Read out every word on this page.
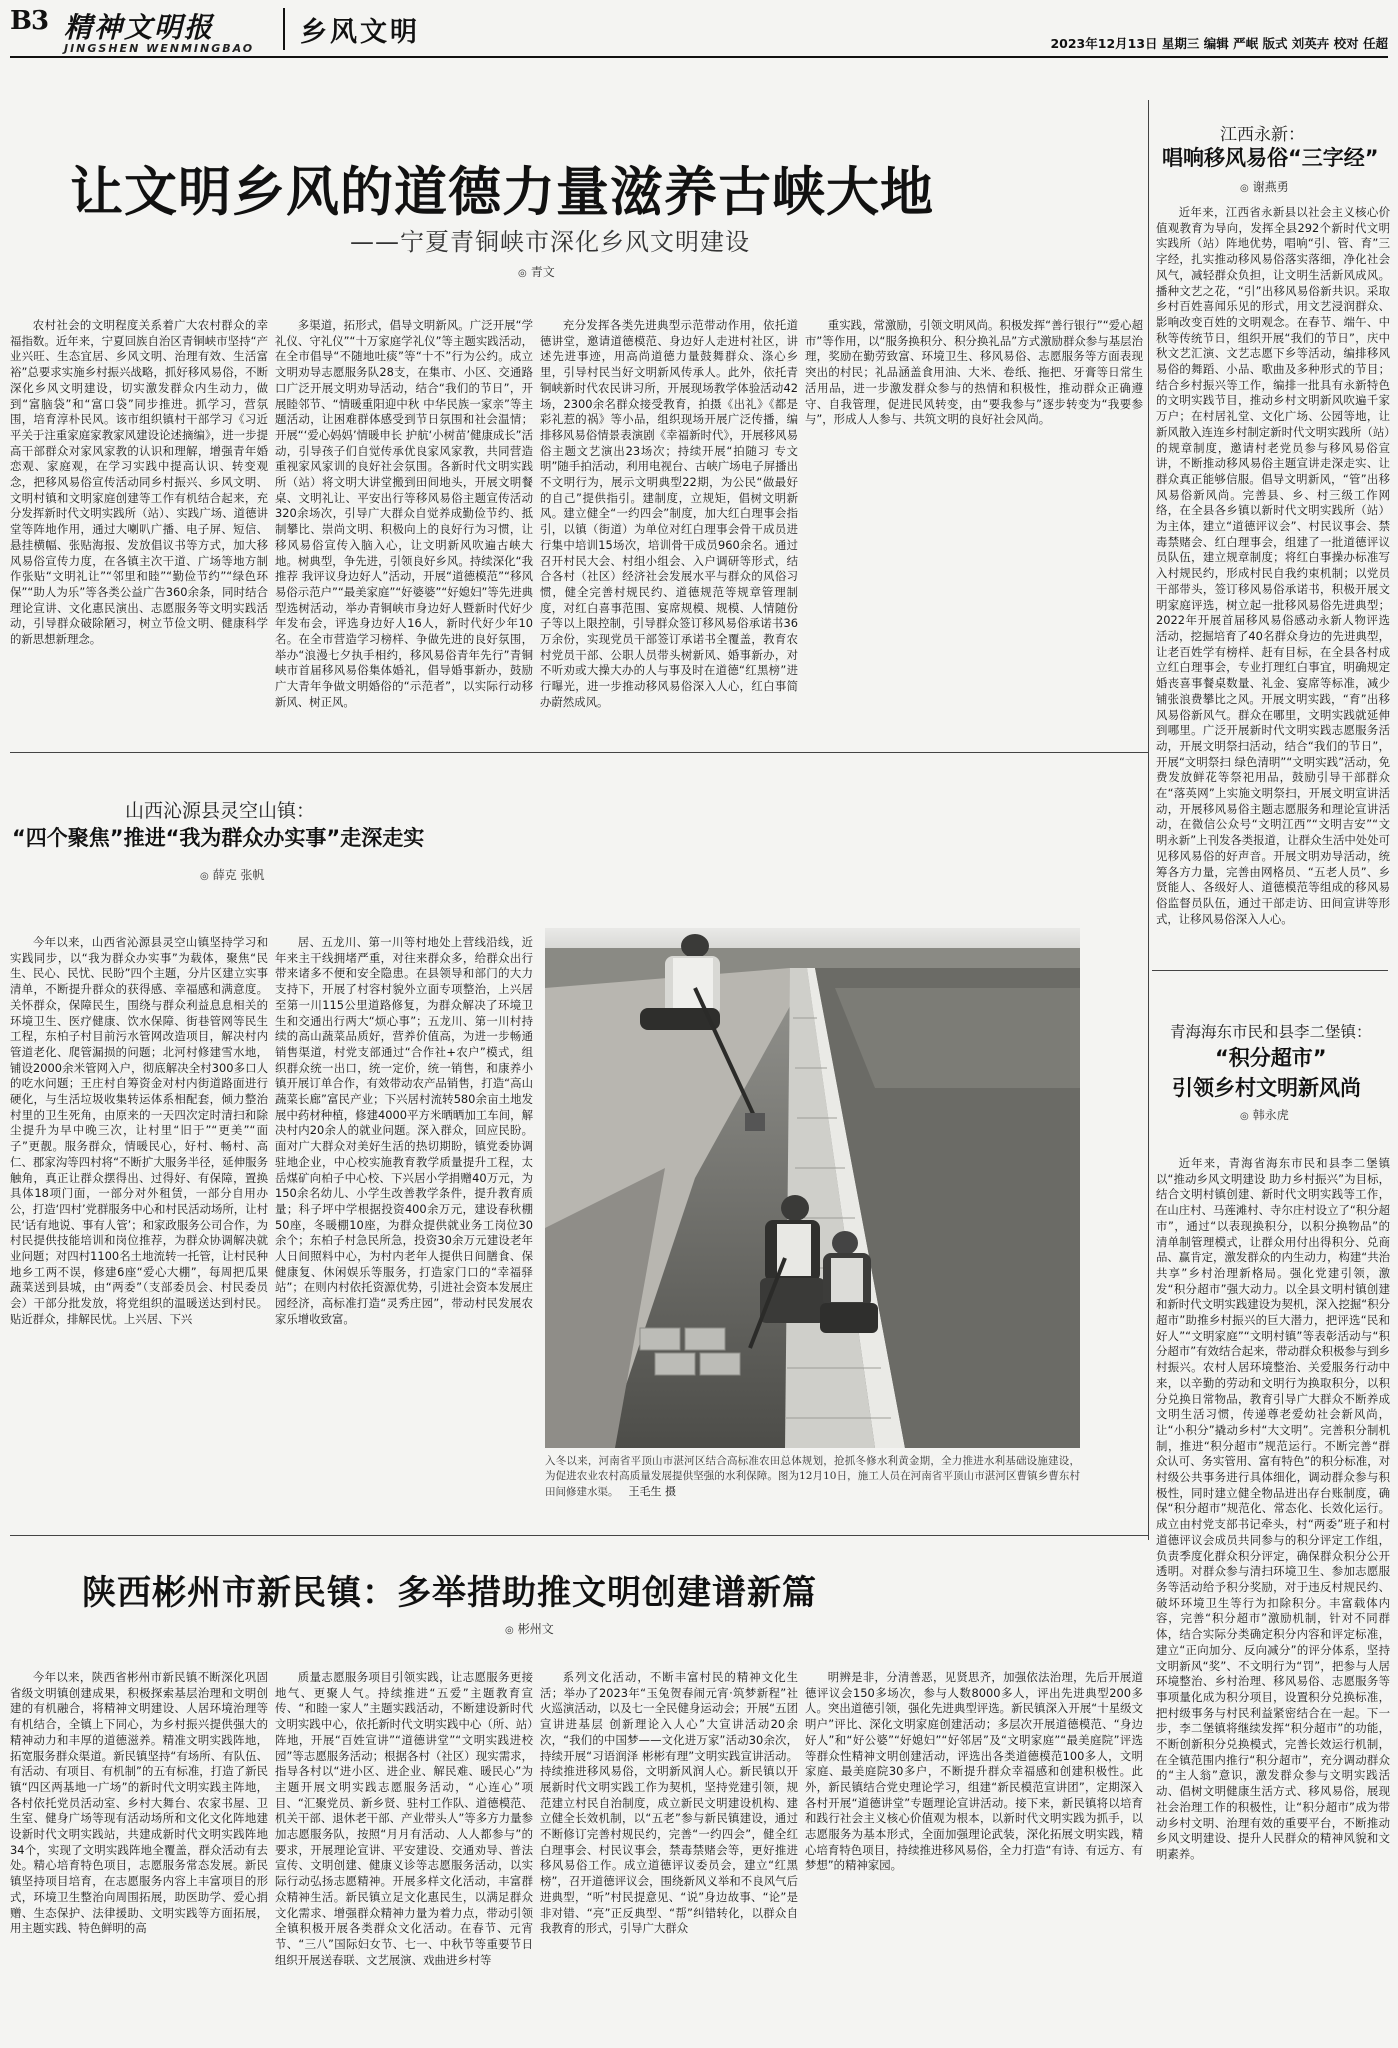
B3 精神文明报
JINGSHEN WENMINGBAO
乡风文明	2023年12月13日 星期三 编辑 严岷 版式 刘英卉 校对 任超
让文明乡风的道德力量滋养古峡大地
——宁夏青铜峡市深化乡风文明建设
◎ 青文

农村社会的文明程度关系着广大农村群众的幸福指数。近年来，宁夏回族自治区青铜峡市坚持“产业兴旺、生态宜居、乡风文明、治理有效、生活富裕”总要求实施乡村振兴战略，抓好移风易俗，不断深化乡风文明建设，切实激发群众内生动力，做到“富脑袋”和“富口袋”同步推进。抓学习，营氛围，培育淳朴民风。该市组织镇村干部学习《习近平关于注重家庭家教家风建设论述摘编》，进一步提高干部群众对家风家教的认识和理解，增强青年婚恋观、家庭观，在学习实践中提高认识、转变观念，把移风易俗宣传活动同乡村振兴、乡风文明、文明村镇和文明家庭创建等工作有机结合起来，充分发挥新时代文明实践所（站）、实践广场、道德讲堂等阵地作用，通过大喇叭广播、电子屏、短信、悬挂横幅、张贴海报、发放倡议书等方式，加大移风易俗宣传力度，在各镇主次干道、广场等地方制作张贴“文明礼让”“邻里和睦”“勤俭节约”“绿色环保”“助人为乐”等各类公益广告360余条，同时结合理论宣讲、文化惠民演出、志愿服务等文明实践活动，引导群众破除陋习，树立节俭文明、健康科学的新思想新理念。

多渠道，拓形式，倡导文明新风。广泛开展“学礼仪、守礼仪”“十万家庭学礼仪”等主题实践活动，在全市倡导“不随地吐痰”等“十不”行为公约。成立文明劝导志愿服务队28支，在集市、小区、交通路口广泛开展文明劝导活动，结合“我们的节日”，开展睦邻节、“情暖重阳迎中秋 中华民族一家亲”等主题活动，让困难群体感受到节日氛围和社会温情；开展“‘爱心妈妈’情暖申长 护航‘小树苗’健康成长”活动，引导孩子们自觉传承优良家风家教，共同营造重视家风家训的良好社会氛围。各新时代文明实践所（站）将文明大讲堂搬到田间地头，开展文明餐桌、文明礼让、平安出行等移风易俗主题宣传活动320余场次，引导广大群众自觉养成勤俭节约、抵制攀比、崇尚文明、积极向上的良好行为习惯，让移风易俗宣传入脑入心，让文明新风吹遍古峡大地。树典型，争先进，引领良好乡风。持续深化“我推荐 我评议身边好人”活动，开展“道德模范”“移风易俗示范户”“最美家庭”“好婆婆”“好媳妇”等先进典型选树活动，举办青铜峡市身边好人暨新时代好少年发布会，评选身边好人16人，新时代好少年10名。在全市营造学习榜样、争做先进的良好氛围，举办“浪漫七夕执手相约，移风易俗青年先行”青铜峡市首届移风易俗集体婚礼，倡导婚事新办，鼓励广大青年争做文明婚俗的“示范者”，以实际行动移新风、树正风。

充分发挥各类先进典型示范带动作用，依托道德讲堂，邀请道德模范、身边好人走进村社区，讲述先进事迹，用高尚道德力量鼓舞群众、涤心乡里，引导村民当好文明新风传承人。此外，依托青铜峡新时代农民讲习所，开展现场教学体验活动42场，2300余名群众接受教育，拍摄《出礼》《都是彩礼惹的祸》等小品，组织现场开展广泛传播，编排移风易俗情景表演剧《幸福新时代》，开展移风易俗主题文艺演出23场次；持续开展“拍随习 专文明”随手拍活动，利用电视台、古峡广场电子屏播出不文明行为，展示文明典型22期，为公民“做最好的自己”提供指引。建制度，立规矩，倡树文明新风。建立健全“一约四会”制度，加大红白理事会指引，以镇（街道）为单位对红白理事会骨干成员进行集中培训15场次，培训骨干成员960余名。通过召开村民大会、村组小组会、入户调研等形式，结合各村（社区）经济社会发展水平与群众的风俗习惯，健全完善村规民约、道德规范等规章管理制度，对红白喜事范围、宴席规模、规模、人情随份子等以上限控制，引导群众签订移风易俗承诺书36万余份，实现党员干部签订承诺书全覆盖，教育农村党员干部、公职人员带头树新风、婚事新办，对不听劝或大操大办的人与事及时在道德“红黑榜”进行曝光，进一步推动移风易俗深入人心，红白事简办蔚然成风。

重实践，常激励，引领文明风尚。积极发挥“善行银行”“爱心超市”等作用，以“服务换积分、积分换礼品”方式激励群众参与基层治理，奖励在勤劳致富、环境卫生、移风易俗、志愿服务等方面表现突出的村民；礼品涵盖食用油、大米、卷纸、拖把、牙膏等日常生活用品，进一步激发群众参与的热情和积极性，推动群众正确遵守、自我管理，促进民风转变，由“要我参与”逐步转变为“我要参与”，形成人人参与、共筑文明的良好社会风尚。

江西永新：
唱响移风易俗“三字经”
◎ 谢燕勇

近年来，江西省永新县以社会主义核心价值观教育为导向，发挥全县292个新时代文明实践所（站）阵地优势，唱响“引、管、育”三字经，扎实推动移风易俗落实落细，净化社会风气，减轻群众负担，让文明生活新风成风。播种文艺之花，“引”出移风易俗新共识。采取乡村百姓喜闻乐见的形式，用文艺浸润群众、影响改变百姓的文明观念。在春节、端午、中秋等传统节日，组织开展“我们的节日”，庆中秋文艺汇演、文艺志愿下乡等活动，编排移风易俗的舞蹈、小品、歌曲及多种形式的节目；结合乡村振兴等工作，编排一批具有永新特色的文明实践节目，推动乡村文明新风吹遍千家万户；在村居礼堂、文化广场、公园等地，让新风散入连连乡村制定新时代文明实践所（站）的规章制度，邀请村老党员参与移风易俗宣讲，不断推动移风易俗主题宣讲走深走实、让群众真正能够信服。倡导文明新风，“管”出移风易俗新风尚。完善县、乡、村三级工作网络，在全县各乡镇以新时代文明实践所（站）为主体，建立“道德评议会”、村民议事会、禁毒禁赌会、红白理事会，组建了一批道德评议员队伍，建立规章制度；将红白事操办标准写入村规民约，形成村民自我约束机制；以党员干部带头，签订移风易俗承诺书，积极开展文明家庭评选，树立起一批移风易俗先进典型；2022年开展首届移风易俗感动永新人物评选活动，挖掘培育了40名群众身边的先进典型，让老百姓学有榜样、赶有目标，在全县各村成立红白理事会，专业打理红白事宜，明确规定婚丧喜事餐桌数量、礼金、宴席等标准，减少铺张浪费攀比之风。开展文明实践，“育”出移风易俗新风气。群众在哪里，文明实践就延伸到哪里。广泛开展新时代文明实践志愿服务活动，开展文明祭扫活动，结合“我们的节日”，开展“文明祭扫 绿色清明”“文明实践”活动，免费发放鲜花等祭祀用品，鼓励引导干部群众在“落英网”上实施文明祭扫，开展文明宣讲活动，开展移风易俗主题志愿服务和理论宣讲活动，在微信公众号“文明江西”“文明吉安”“文明永新”上刊发各类报道，让群众生活中处处可见移风易俗的好声音。开展文明劝导活动，统筹各方力量，完善由网格员、“五老人员”、乡贤能人、各级好人、道德模范等组成的移风易俗监督员队伍，通过干部走访、田间宣讲等形式，让移风易俗深入人心。

山西沁源县灵空山镇：
“四个聚焦”推进“我为群众办实事”走深走实
◎ 薛克 张帆

今年以来，山西省沁源县灵空山镇坚持学习和实践同步，以“我为群众办实事”为载体，聚焦“民生、民心、民忧、民盼”四个主题，分片区建立实事清单，不断提升群众的获得感、幸福感和满意度。关怀群众，保障民生，围绕与群众利益息息相关的环境卫生、医疗健康、饮水保障、街巷管网等民生工程，东柏子村目前污水管网改造项目，解决村内管道老化、爬管漏损的问题；北河村修建雪水地，铺设2000余米管网入户，彻底解决全村300多口人的吃水问题；王庄村自筹资金对村内街道路面进行硬化，与生活垃圾收集转运体系相配套，倾力整治村里的卫生死角，由原来的一天四次定时清扫和除尘提升为早中晚三次，让村里“旧于”“更美”“面子”更靓。服务群众，情暖民心，好村、畅村、高仁、郡家沟等四村将“不断扩大服务半径，延伸服务触角，真正让群众摆得出、过得好、有保障，置换具体18项门面，一部分对外租赁，一部分自用办公，打造‘四村’党群服务中心和村民活动场所，让村民‘话有地说、事有人管’；和家政服务公司合作，为村民提供技能培训和岗位推荐，为群众协调解决就业问题；对四村1100名土地流转一托管，让村民种地乡工两不误，修建6座“爱心大棚”，每周把瓜果蔬菜送到县城，由“两委”（支部委员会、村民委员会）干部分批发放，将党组织的温暖送达到村民。贴近群众，排解民忧。上兴居、下兴

居、五龙川、第一川等村地处上营线沿线，近年来主干线拥堵严重，对往来群众多，给群众出行带来诸多不便和安全隐患。在县领导和部门的大力支持下，开展了村容村貌外立面专项整治，上兴居至第一川115公里道路修复，为群众解决了环境卫生和交通出行两大“烦心事”；五龙川、第一川村持续的高山蔬菜品质好，营养价值高，为进一步畅通销售渠道，村党支部通过“合作社+农户”模式，组织群众统一出口，统一定价，统一销售，和康养小镇开展订单合作，有效带动农产品销售，打造“高山蔬菜长廊”富民产业；下兴居村流转580余亩土地发展中药材种植，修建4000平方米晒晒加工车间，解决村内20余人的就业问题。深入群众，回应民盼。面对广大群众对美好生活的热切期盼，镇党委协调驻地企业，中心校实施教育教学质量提升工程，太岳煤矿向柏子中心校、下兴居小学捐赠40万元，为150余名幼儿、小学生改善教学条件，提升教育质量；科子坪中学根据投资400余万元，建设春秋棚50座，冬暖棚10座，为群众提供就业务工岗位30余个；东柏子村急民所急，投资30余万元建设老年人日间照料中心，为村内老年人提供日间膳食、保健康复、休闲娱乐等服务，打造家门口的“幸福驿站”；在则内村依托资源优势，引进社会资本发展庄园经济，高标准打造“灵秀庄园”，带动村民发展农家乐增收致富。

入冬以来，河南省平顶山市湛河区结合高标准农田总体规划，抢抓冬修水利黄金期，全力推进水利基础设施建设，为促进农业农村高质量发展提供坚强的水利保障。图为12月10日，施工人员在河南省平顶山市湛河区曹镇乡曹东村田间修建水渠。 王毛生 摄
青海海东市民和县李二堡镇：
“积分超市”
引领乡村文明新风尚
◎ 韩永虎

近年来，青海省海东市民和县李二堡镇以“推动乡风文明建设 助力乡村振兴”为目标，结合文明村镇创建、新时代文明实践等工作，在山庄村、马莲滩村、寺尔庄村设立了“积分超市”，通过“以表现换积分，以积分换物品”的清单制管理模式，让群众用付出得积分、兑商品、赢肯定，激发群众的内生动力，构建“共治共享”乡村治理新格局。强化党建引领，激发“积分超市”强大动力。以全县文明村镇创建和新时代文明实践建设为契机，深入挖掘“积分超市”助推乡村振兴的巨大潜力，把评选“民和好人”“文明家庭”“文明村镇”等表彰活动与“积分超市”有效结合起来，带动群众积极参与到乡村振兴。农村人居环境整治、关爱服务行动中来，以辛勤的劳动和文明行为换取积分，以积分兑换日常物品，教育引导广大群众不断养成文明生活习惯，传递尊老爱幼社会新风尚，让“小积分”撬动乡村“大文明”。完善积分制机制，推进“积分超市”规范运行。不断完善“群众认可、务实管用、富有特色”的积分标准，对村级公共事务进行具体细化，调动群众参与积极性，同时建立健全物品进出存台账制度，确保“积分超市”规范化、常态化、长效化运行。成立由村党支部书记牵头，村“两委”班子和村道德评议会成员共同参与的积分评定工作组，负责季度化群众积分评定，确保群众积分公开透明。对群众参与清扫环境卫生、参加志愿服务等活动给予积分奖励，对于违反村规民约、破坏环境卫生等行为扣除积分。丰富载体内容，完善“积分超市”激励机制，针对不同群体，结合实际分类确定积分内容和评定标准，建立“正向加分、反向减分”的评分体系，坚持文明新风“奖”、不文明行为“罚”，把参与人居环境整治、乡村治理、移风易俗、志愿服务等事项量化成为积分项目，设置积分兑换标准，把村级事务与村民利益紧密结合在一起。下一步，李二堡镇将继续发挥“积分超市”的功能，不断创新积分兑换模式，完善长效运行机制，在全镇范围内推行“积分超市”，充分调动群众的“主人翁”意识，激发群众参与文明实践活动、倡树文明健康生活方式、移风易俗，展现社会治理工作的积极性，让“积分超市”成为带动乡村文明、治理有效的重要平台，不断推动乡风文明建设、提升人民群众的精神风貌和文明素养。

陕西彬州市新民镇：多举措助推文明创建谱新篇
◎ 彬州文

今年以来，陕西省彬州市新民镇不断深化巩固省级文明镇创建成果，积极探索基层治理和文明创建的有机融合，将精神文明建设、人居环境治理等有机结合，全镇上下同心，为乡村振兴提供强大的精神动力和丰厚的道德滋养。精准文明实践阵地，拓宽服务群众渠道。新民镇坚持“有场所、有队伍、有活动、有项目、有机制”的五有标准，打造了新民镇“四区两基地一广场”的新时代文明实践主阵地，各村依托党员活动室、乡村大舞台、农家书屋、卫生室、健身广场等现有活动场所和文化文化阵地建设新时代文明实践站，共建成新时代文明实践阵地34个，实现了文明实践阵地全覆盖，群众活动有去处。精心培育特色项目，志愿服务常态发展。新民镇坚持项目培育，在志愿服务内容上丰富项目的形式，环境卫生整治向周围拓展，助医助学、爱心捐赠、生态保护、法律援助、文明实践等方面拓展，用主题实践、特色鲜明的高

质量志愿服务项目引领实践，让志愿服务更接地气、更聚人气。持续推进“五爱”主题教育宣传、“和睦一家人”主题实践活动，不断建设新时代文明实践中心，依托新时代文明实践中心（所、站）阵地，开展“百姓宣讲”“道德讲堂”“文明实践进校园”等志愿服务活动；根据各村（社区）现实需求，指导各村以“进小区、进企业、解民难、暖民心”为主题开展文明实践志愿服务活动，“心连心”项目、“汇聚党员、新乡贤、驻村工作队、道德模范、机关干部、退休老干部、产业带头人”等多方力量参加志愿服务队，按照“月月有活动、人人都参与”的要求，开展理论宣讲、平安建设、交通劝导、普法宣传、文明创建、健康义诊等志愿服务活动，以实际行动弘扬志愿精神。开展多样文化活动，丰富群众精神生活。新民镇立足文化惠民生，以满足群众文化需求、增强群众精神力量为着力点，带动引领全镇积极开展各类群众文化活动。在春节、元宵节、“三八”国际妇女节、七一、中秋节等重要节日组织开展送春联、文艺展演、戏曲进乡村等

系列文化活动，不断丰富村民的精神文化生活；举办了2023年“玉兔贺春闹元宵·筑梦新程”社火巡演活动，以及七一全民健身运动会；开展“五团宣讲进基层 创新理论入人心”大宣讲活动20余次，“我们的中国梦——文化进万家”活动30余次，持续开展“习语润泽 彬彬有理”文明实践宣讲活动。持续推进移风易俗，文明新风润人心。新民镇以开展新时代文明实践工作为契机，坚持党建引领，规范建立村民自治制度，成立新民文明建设机构、建立健全长效机制，以“五老”参与新民镇建设，通过不断修订完善村规民约，完善“一约四会”，健全红白理事会、村民议事会，禁毒禁赌会等，更好推进移风易俗工作。成立道德评议委员会，建立“红黑榜”，召开道德评议会，围绕新风义举和不良风气后进典型，“听”村民提意见、“说”身边故事、“论”是非对错、“亮”正反典型、“帮”纠错转化，以群众自我教育的形式，引导广大群众

明辨是非，分清善恶，见贤思齐，加强依法治理，先后开展道德评议会150多场次，参与人数8000多人，评出先进典型200多人。突出道德引领，强化先进典型评选。新民镇深入开展“十星级文明户”评比、深化文明家庭创建活动；多层次开展道德模范、“身边好人”和“好公婆”“好媳妇”“好邻居”及“文明家庭”“最美庭院”评选等群众性精神文明创建活动，评选出各类道德模范100多人，文明家庭、最美庭院30多户，不断提升群众幸福感和创建积极性。此外，新民镇结合党史理论学习，组建“新民模范宣讲团”，定期深入各村开展“道德讲堂”专题理论宣讲活动。接下来，新民镇将以培育和践行社会主义核心价值观为根本，以新时代文明实践为抓手，以志愿服务为基本形式，全面加强理论武装，深化拓展文明实践，精心培育特色项目，持续推进移风易俗，全力打造“有诗、有远方、有梦想”的精神家园。
